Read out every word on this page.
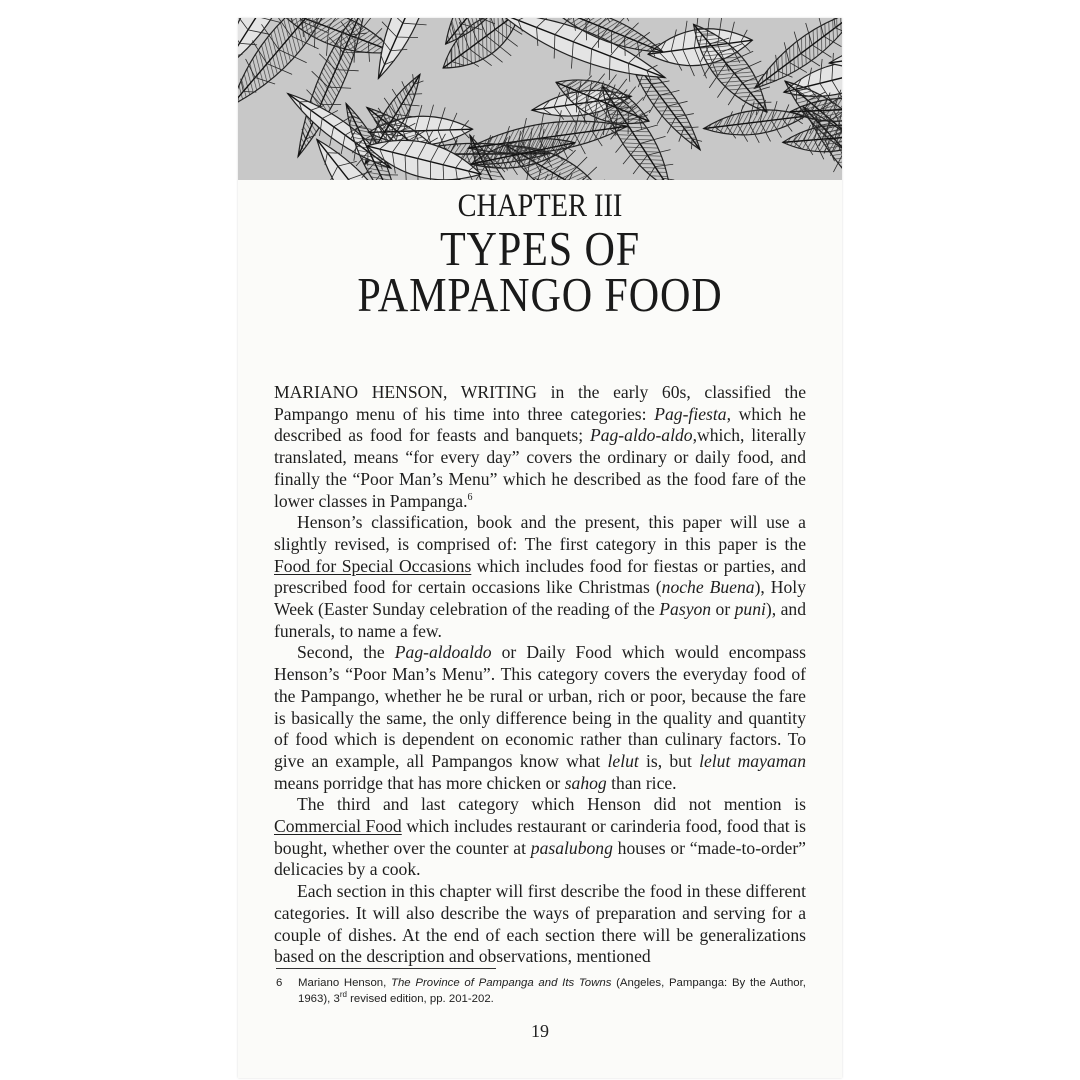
CHAPTER III
TYPES OF
PAMPANGO FOOD

MARIANO HENSON, WRITING in the early 60s, classified the Pampango menu of his time into three categories: Pag-fiesta, which he described as food for feasts and banquets; Pag-aldo-aldo,which, literally translated, means “for every day” covers the ordinary or daily food, and finally the “Poor Man’s Menu” which he described as the food fare of the lower classes in Pampanga.$^6$

Henson’s classification, book and the present, this paper will use a slightly revised, is comprised of: The first category in this paper is the Food for Special Occasions which includes food for fiestas or parties, and prescribed food for certain occasions like Christmas (noche Buena), Holy Week (Easter Sunday celebration of the reading of the Pasyon or puni), and funerals, to name a few.

Second, the Pag-aldoaldo or Daily Food which would encompass Henson’s “Poor Man’s Menu”. This category covers the everyday food of the Pampango, whether he be rural or urban, rich or poor, because the fare is basically the same, the only difference being in the quality and quantity of food which is dependent on economic rather than culinary factors. To give an example, all Pampangos know what lelut is, but lelut mayaman means porridge that has more chicken or sahog than rice.

The third and last category which Henson did not mention is Commercial Food which includes restaurant or carinderia food, food that is bought, whether over the counter at pasalubong houses or “made-to-order” delicacies by a cook.

Each section in this chapter will first describe the food in these different categories. It will also describe the ways of preparation and serving for a couple of dishes. At the end of each section there will be generalizations based on the description and observations, mentioned

6	Mariano Henson, The Province of Pampanga and Its Towns (Angeles, Pampanga: By the Author, 1963), 3rd revised edition, pp. 201-202.
19
